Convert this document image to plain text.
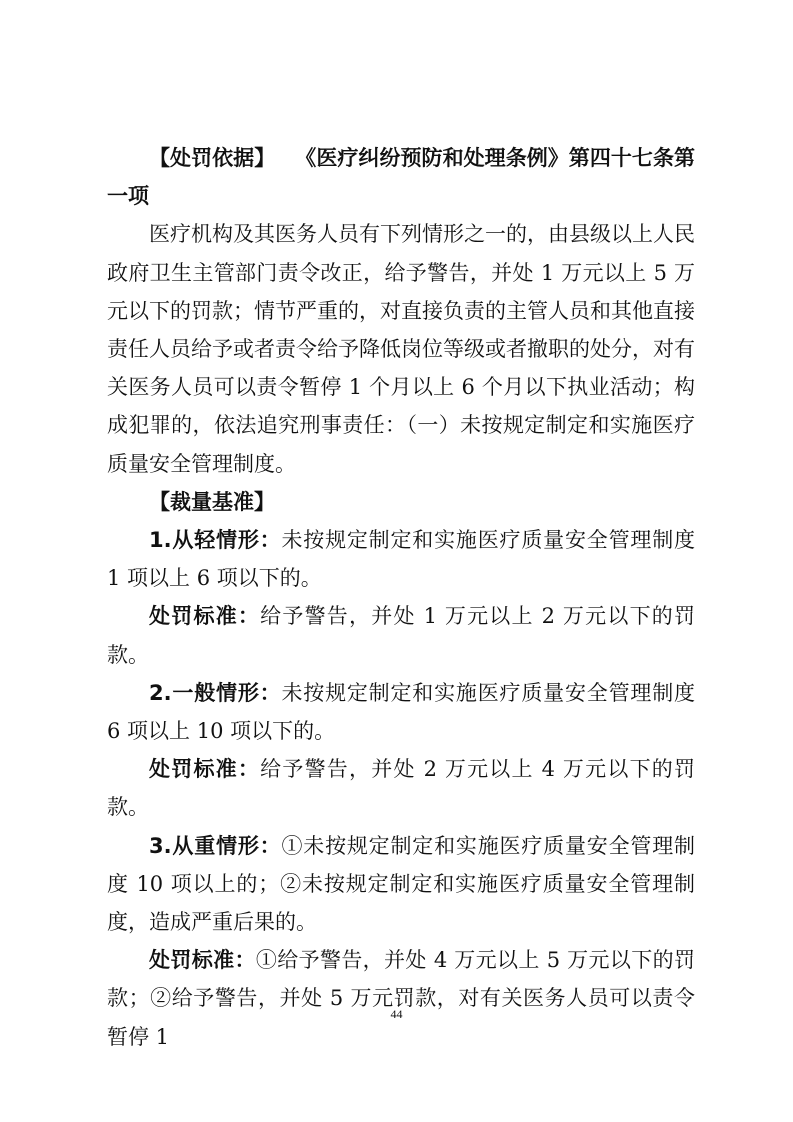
【处罚依据】 《医疗纠纷预防和处理条例》第四十七条第一项

医疗机构及其医务人员有下列情形之一的，由县级以上人民政府卫生主管部门责令改正，给予警告，并处 1 万元以上 5 万元以下的罚款；情节严重的，对直接负责的主管人员和其他直接责任人员给予或者责令给予降低岗位等级或者撤职的处分，对有关医务人员可以责令暂停 1 个月以上 6 个月以下执业活动；构成犯罪的，依法追究刑事责任：（一）未按规定制定和实施医疗质量安全管理制度。

【裁量基准】

1.从轻情形：未按规定制定和实施医疗质量安全管理制度 1 项以上 6 项以下的。

处罚标准：给予警告，并处 1 万元以上 2 万元以下的罚款。

2.一般情形：未按规定制定和实施医疗质量安全管理制度 6 项以上 10 项以下的。

处罚标准：给予警告，并处 2 万元以上 4 万元以下的罚款。

3.从重情形：①未按规定制定和实施医疗质量安全管理制度 10 项以上的；②未按规定制定和实施医疗质量安全管理制度，造成严重后果的。

处罚标准：①给予警告，并处 4 万元以上 5 万元以下的罚款；②给予警告，并处 5 万元罚款，对有关医务人员可以责令暂停 1

44
